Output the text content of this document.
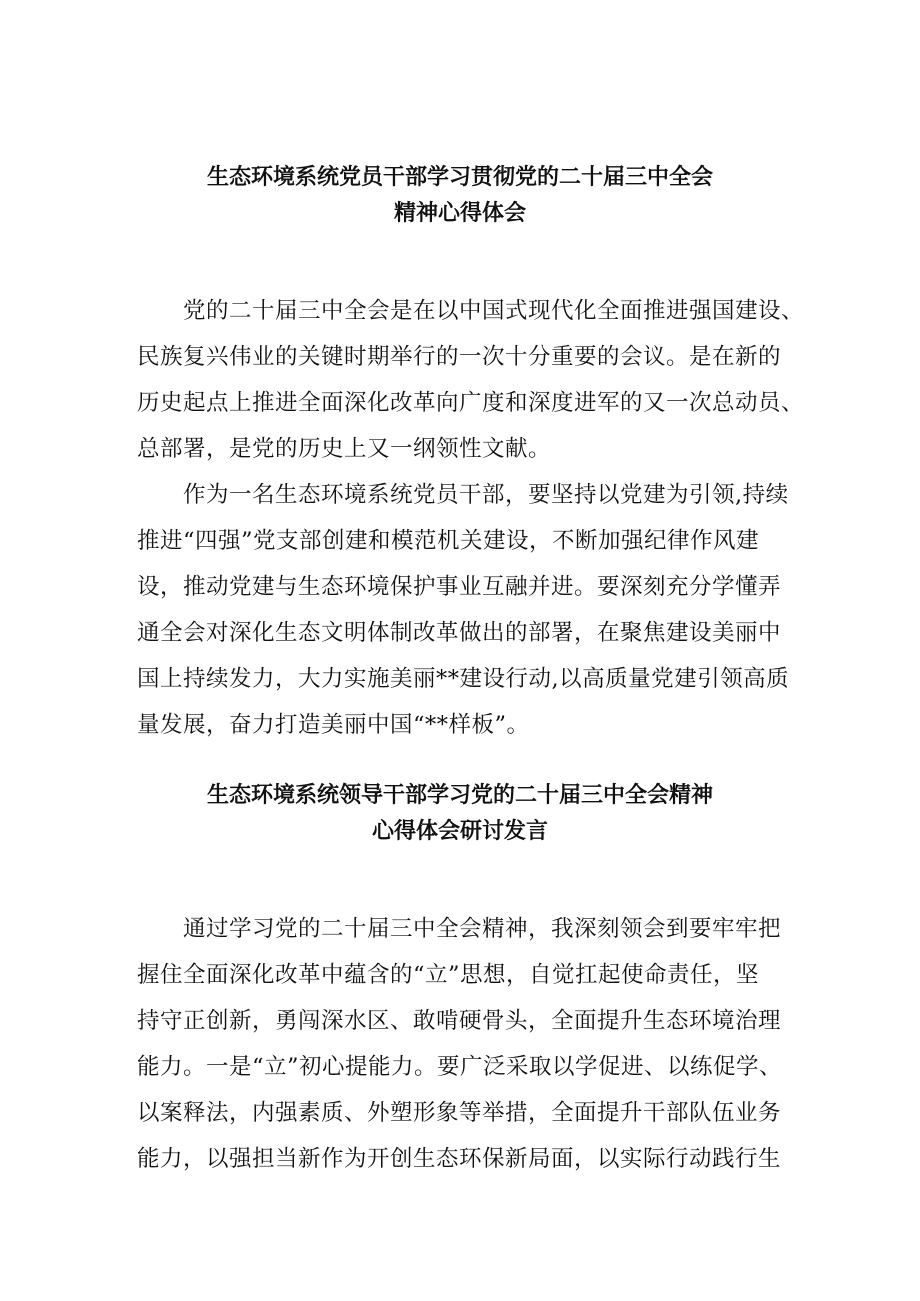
生态环境系统党员干部学习贯彻党的二十届三中全会
精神心得体会
党的二十届三中全会是在以中国式现代化全面推进强国建设、
民族复兴伟业的关键时期举行的一次十分重要的会议。是在新的
历史起点上推进全面深化改革向广度和深度进军的又一次总动员、
总部署，是党的历史上又一纲领性文献。
作为一名生态环境系统党员干部，要坚持以党建为引领,持续
推进“四强”党支部创建和模范机关建设，不断加强纪律作风建
设，推动党建与生态环境保护事业互融并进。要深刻充分学懂弄
通全会对深化生态文明体制改革做出的部署，在聚焦建设美丽中
国上持续发力，大力实施美丽**建设行动,以高质量党建引领高质
量发展，奋力打造美丽中国“**样板”。
生态环境系统领导干部学习党的二十届三中全会精神
心得体会研讨发言
通过学习党的二十届三中全会精神，我深刻领会到要牢牢把
握住全面深化改革中蕴含的“立”思想，自觉扛起使命责任，坚
持守正创新，勇闯深水区、敢啃硬骨头，全面提升生态环境治理
能力。一是“立”初心提能力。要广泛采取以学促进、以练促学、
以案释法，内强素质、外塑形象等举措，全面提升干部队伍业务
能力，以强担当新作为开创生态环保新局面，以实际行动践行生
